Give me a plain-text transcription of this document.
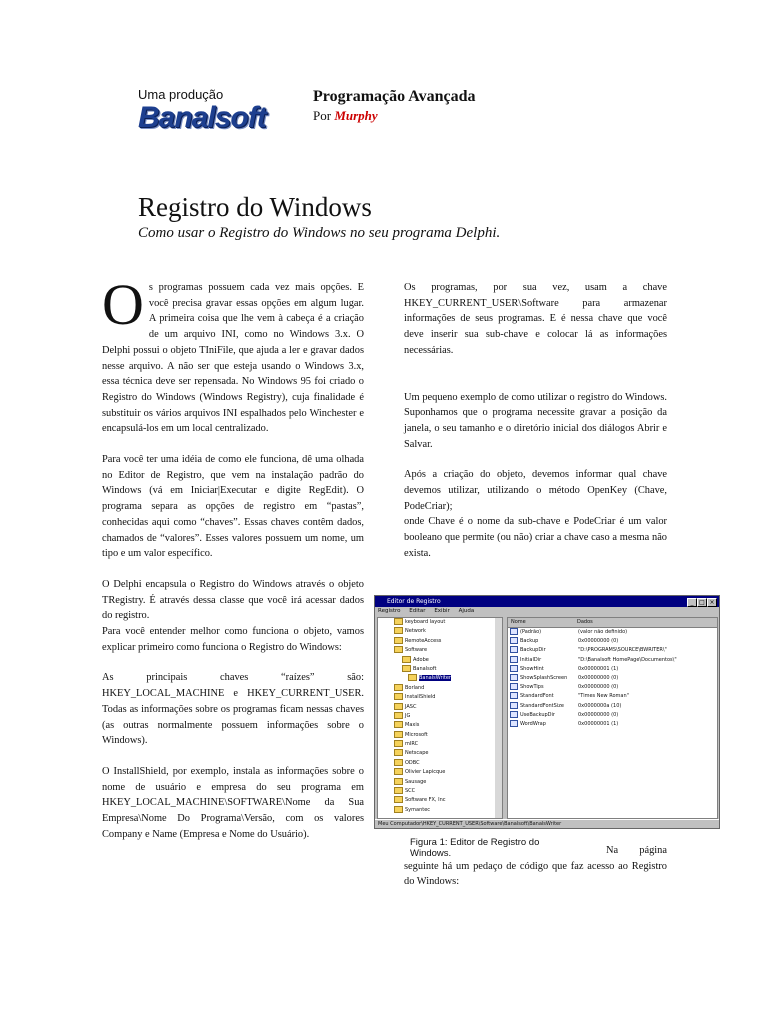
Uma produção
Banalsoft
Programação Avançada
Por Murphy
Registro do Windows
Como usar o Registro do Windows no seu programa Delphi.

Os programas possuem cada vez mais opções. E você precisa gravar essas opções em algum lugar. A primeira coisa que lhe vem à cabeça é a criação de um arquivo INI, como no Windows 3.x. O Delphi possui o objeto TIniFile, que ajuda a ler e gravar dados nesse arquivo. A não ser que esteja usando o Windows 3.x, essa técnica deve ser repensada. No Windows 95 foi criado o Registro do Windows (Windows Registry), cuja finalidade é substituir os vários arquivos INI espalhados pelo Winchester e encapsulá-los em um local centralizado.

Para você ter uma idéia de como ele funciona, dê uma olhada no Editor de Registro, que vem na instalação padrão do Windows (vá em Iniciar|Executar e digite RegEdit). O programa separa as opções de registro em “pastas”, conhecidas aqui como “chaves”. Essas chaves contêm dados, chamados de “valores”. Esses valores possuem um nome, um tipo e um valor específico.

O Delphi encapsula o Registro do Windows através o objeto TRegistry. É através dessa classe que você irá acessar dados do registro.

Para você entender melhor como funciona o objeto, vamos explicar primeiro como funciona o Registro do Windows:

As principais chaves “raízes” são: HKEY_LOCAL_MACHINE e HKEY_CURRENT_USER. Todas as informações sobre os programas ficam nessas chaves (as outras normalmente possuem informações sobre o Windows).

O InstallShield, por exemplo, instala as informações sobre o nome de usuário e empresa do seu programa em HKEY_LOCAL_MACHINE\SOFTWARE\Nome da Sua Empresa\Nome Do Programa\Versão, com os valores Company e Name (Empresa e Nome do Usuário).

Os programas, por sua vez, usam a chave HKEY_CURRENT_USER\Software para armazenar informações de seus programas. E é nessa chave que você deve inserir sua sub-chave e colocar lá as informações necessárias.

Um pequeno exemplo de como utilizar o registro do Windows. Suponhamos que o programa necessite gravar a posição da janela, o seu tamanho e o diretório inicial dos diálogos Abrir e Salvar.

Após a criação do objeto, devemos informar qual chave devemos utilizar, utilizando o método OpenKey (Chave, PodeCriar);

onde Chave é o nome da sub-chave e PodeCriar é um valor booleano que permite (ou não) criar a chave caso a mesma não exista.

Editor de Registro	_ □ ×
Registro Editar Exibir Ajuda
keyboard layout
Network
RemoteAccess
Software
Adobe
Banalsoft
BanalsWriter
Borland
InstallShield
JASC
JG
Maxis
Microsoft
mIRC
Netscape
ODBC
Olivier Lapicque
Sausage
SCC
Software FX, Inc
Symantec
Nome	Dados
(Padrão)	(valor não definido)
Backup	0x00000000 (0)
BackupDir	"D:\PROGRAMS\SOURCE\BWRITER\"
InitialDir	"D:\Banalsoft HomePage\Documentos\"
ShowHint	0x00000001 (1)
ShowSplashScreen 0x00000000 (0)
ShowTips	0x00000000 (0)
StandardFont	"Times New Roman"
StandardFontSize	0x0000000a (10)
UseBackupDir	0x00000000 (0)
WordWrap	0x00000001 (1)
Meu Computador\HKEY_CURRENT_USER\Software\Banalsoft\BanalsWriter
Figura 1: Editor de Registro do Windows.	Na página

seguinte há um pedaço de código que faz acesso ao Registro do Windows:
